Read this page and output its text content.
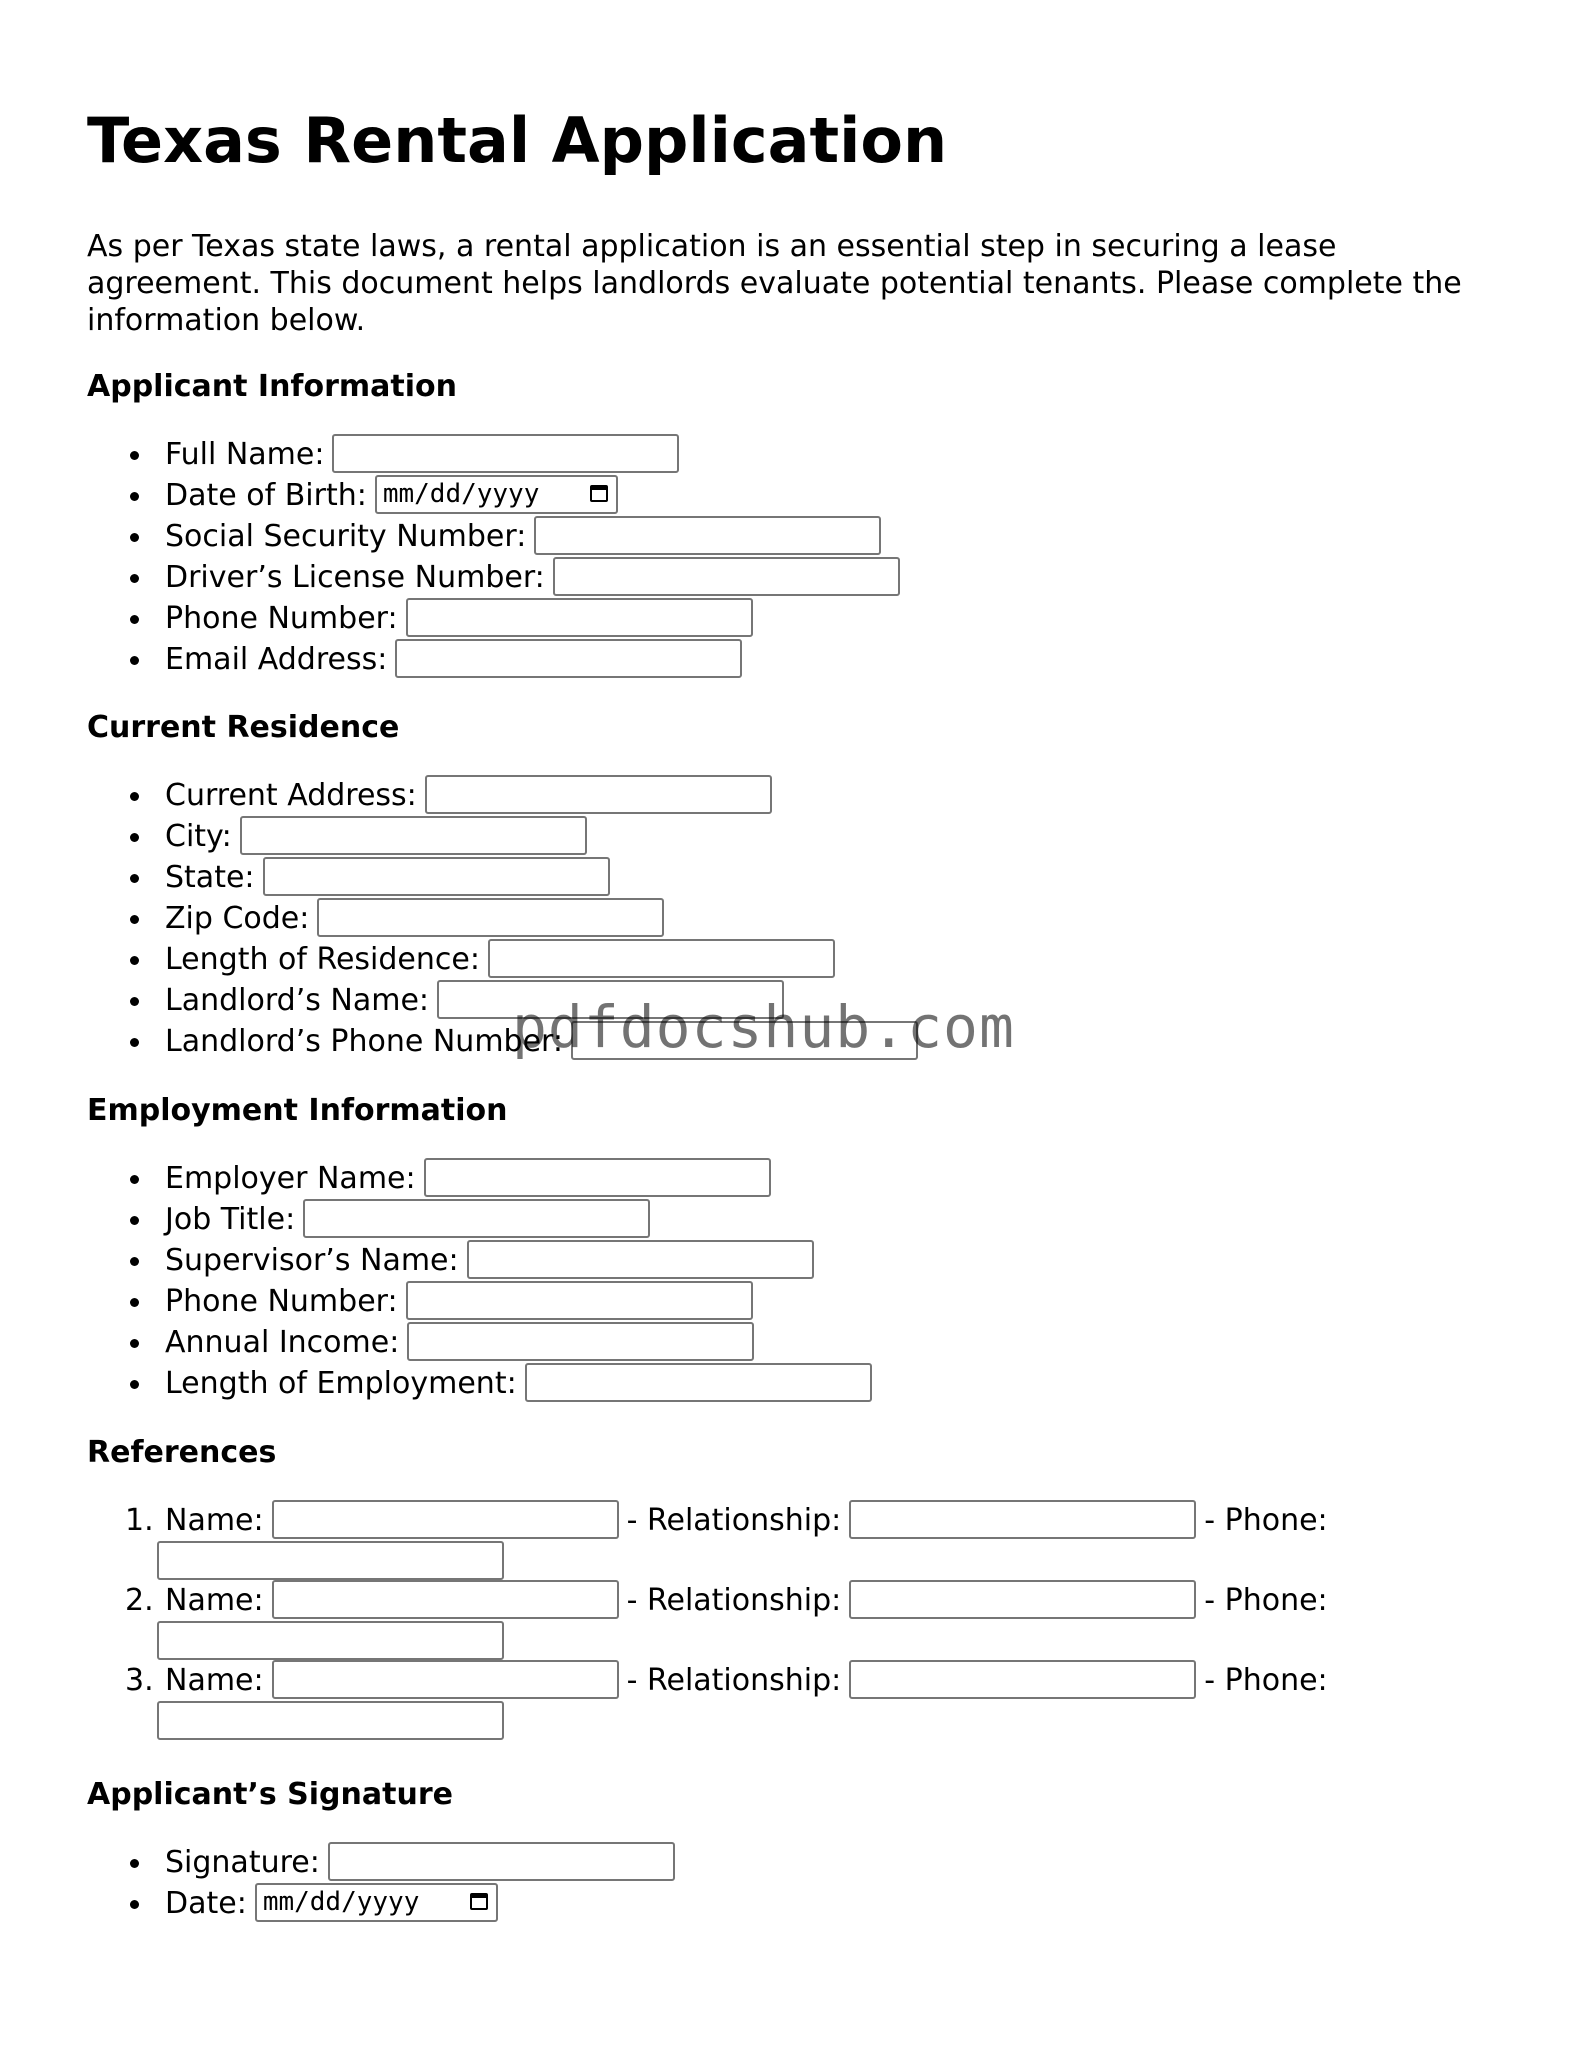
Texas Rental Application

As per Texas state laws, a rental application is an essential step in securing a lease agreement. This document helps landlords evaluate potential tenants. Please complete the information below.

Applicant Information
Full Name:
Date of Birth: mm/dd/yyyy
Social Security Number:
Driver’s License Number:
Phone Number:
Email Address:
Current Residence
Current Address:
City:
State:
Zip Code:
Length of Residence:
Landlord’s Name:
Landlord’s Phone Number:
Employment Information
Employer Name:
Job Title:
Supervisor’s Name:
Phone Number:
Annual Income:
Length of Employment:
References
1. Name:	- Relationship:	- Phone:
2. Name:	- Relationship:	- Phone:
3. Name:	- Relationship:	- Phone:
Applicant’s Signature
Signature:
Date: mm/dd/yyyy
pdfdocshub.com
